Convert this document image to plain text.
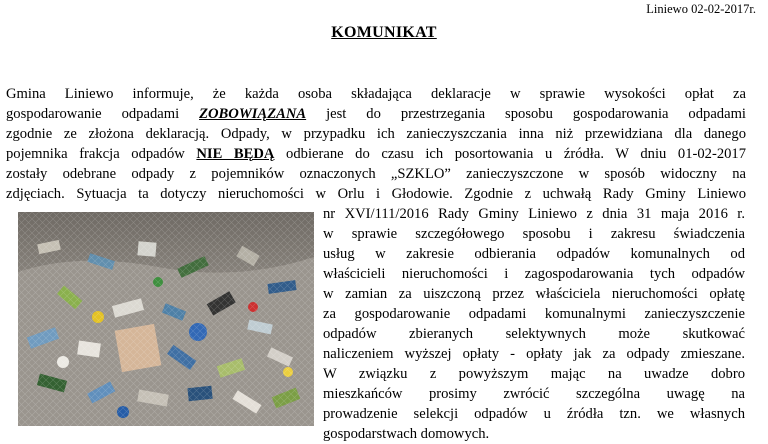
Liniewo 02-02-2017r.
KOMUNIKAT
Gmina Liniewo informuje, że każda osoba składająca deklaracje w sprawie wysokości opłat za
gospodarowanie odpadami ZOBOWIĄZANA jest do przestrzegania sposobu gospodarowania odpadami
zgodnie ze złożona deklaracją. Odpady, w przypadku ich zanieczyszczania inna niż przewidziana dla danego
pojemnika frakcja odpadów NIE BĘDĄ odbierane do czasu ich posortowania u źródła. W dniu 01-02-2017
zostały odebrane odpady z pojemników oznaczonych „SZKLO” zanieczyszczone w sposób widoczny na
zdjęciach. Sytuacja ta dotyczy nieruchomości w Orlu i Głodowie. Zgodnie z uchwałą Rady Gminy Liniewo
nr XVI/111/2016 Rady Gminy Liniewo z dnia 31 maja 2016 r.
w sprawie szczegółowego sposobu i zakresu świadczenia
usług w zakresie odbierania odpadów komunalnych od
właścicieli nieruchomości i zagospodarowania tych odpadów
w zamian za uiszczoną przez właściciela nieruchomości opłatę
za gospodarowanie odpadami komunalnymi zanieczyszczenie
odpadów zbieranych selektywnych może skutkować
naliczeniem wyższej opłaty - opłaty jak za odpady zmieszane.
W związku z powyższym mając na uwadze dobro
mieszkańców prosimy zwrócić szczególna uwagę na
prowadzenie selekcji odpadów u źródła tzn. we własnych
gospodarstwach domowych.
